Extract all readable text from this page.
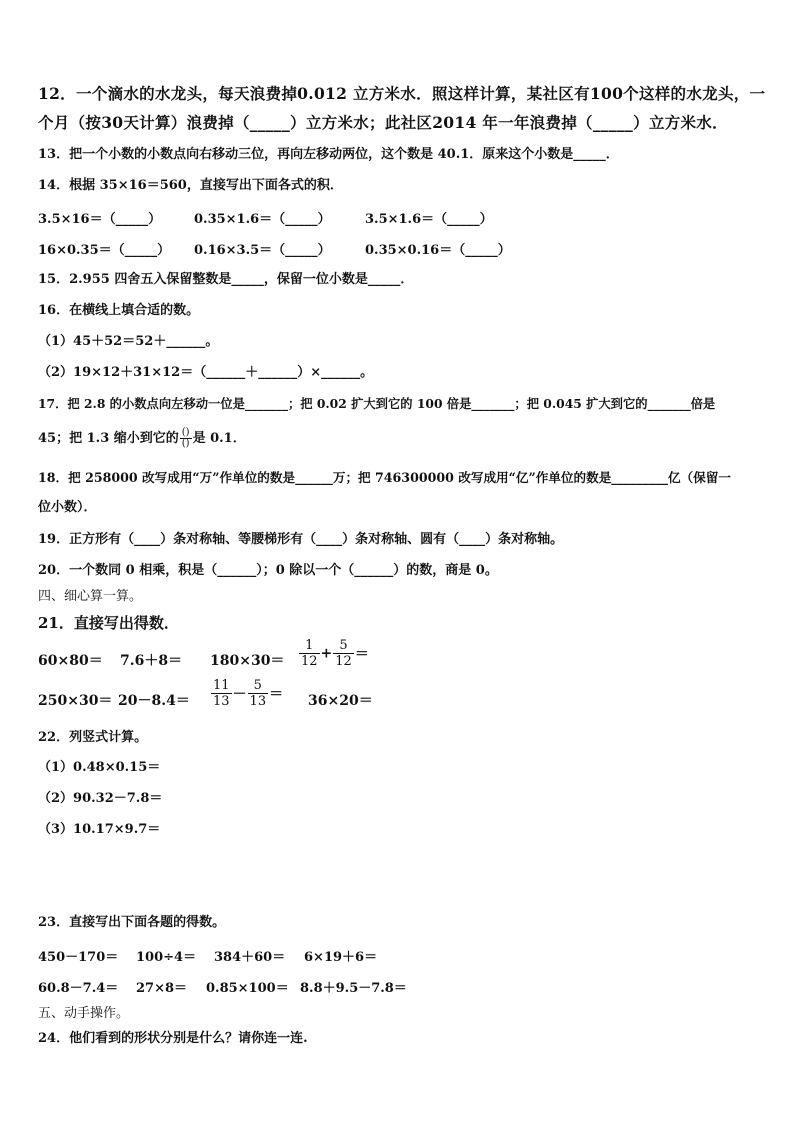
12．一个滴水的水龙头，每天浪费掉0.012 立方米水．照这样计算，某社区有100个这样的水龙头，一
个月（按30天计算）浪费掉（_____）立方米水；此社区2014 年一年浪费掉（_____）立方米水．
13．把一个小数的小数点向右移动三位，再向左移动两位，这个数是 40.1．原来这个小数是_____．
14．根据 35×16＝560，直接写出下面各式的积．
3.5×16＝（_____）	0.35×1.6＝（_____）	3.5×1.6＝（_____）
16×0.35＝（_____） 0.16×3.5＝（_____）	0.35×0.16＝（_____）
15．2.955 四舍五入保留整数是_____，保留一位小数是_____．
16．在横线上填合适的数。
（1）45＋52＝52＋______。
（2）19×12＋31×12＝（______＋______）×______。
17．把 2.8 的小数点向左移动一位是_______；把 0.02 扩大到它的 100 倍是_______；把 0.045 扩大到它的_______倍是
45；把 1.3 缩小到它的 $\frac{()}{()}$ 是 0.1．
18．把 258000 改写成用“万”作单位的数是______万；把 746300000 改写成用“亿”作单位的数是_________亿（保留一
位小数）．
19．正方形有（____）条对称轴、等腰梯形有（____）条对称轴、圆有（____）条对称轴。
20．一个数同 0 相乘，积是（______）；0 除以一个（______）的数，商是 0。
四、细心算一算。
21．直接写出得数．
$60\times 80= 7.6+8= 180\times 30= \frac{1}{12} + \frac{5}{12}$ ＝
$250\times 30= 20-8.4= \frac{11}{13} - \frac{5}{13} = 36\times 20=$
22．列竖式计算。
（1）0.48×0.15＝
（2）90.32－7.8＝
（3）10.17×9.7＝
23．直接写出下面各题的得数。
450－170＝ 100÷4＝ 384＋60＝ 6×19＋6＝
60.8－7.4＝ 27×8＝ 0.85×100＝ 8.8＋9.5－7.8＝
五、动手操作。
24．他们看到的形状分别是什么？请你连一连.
